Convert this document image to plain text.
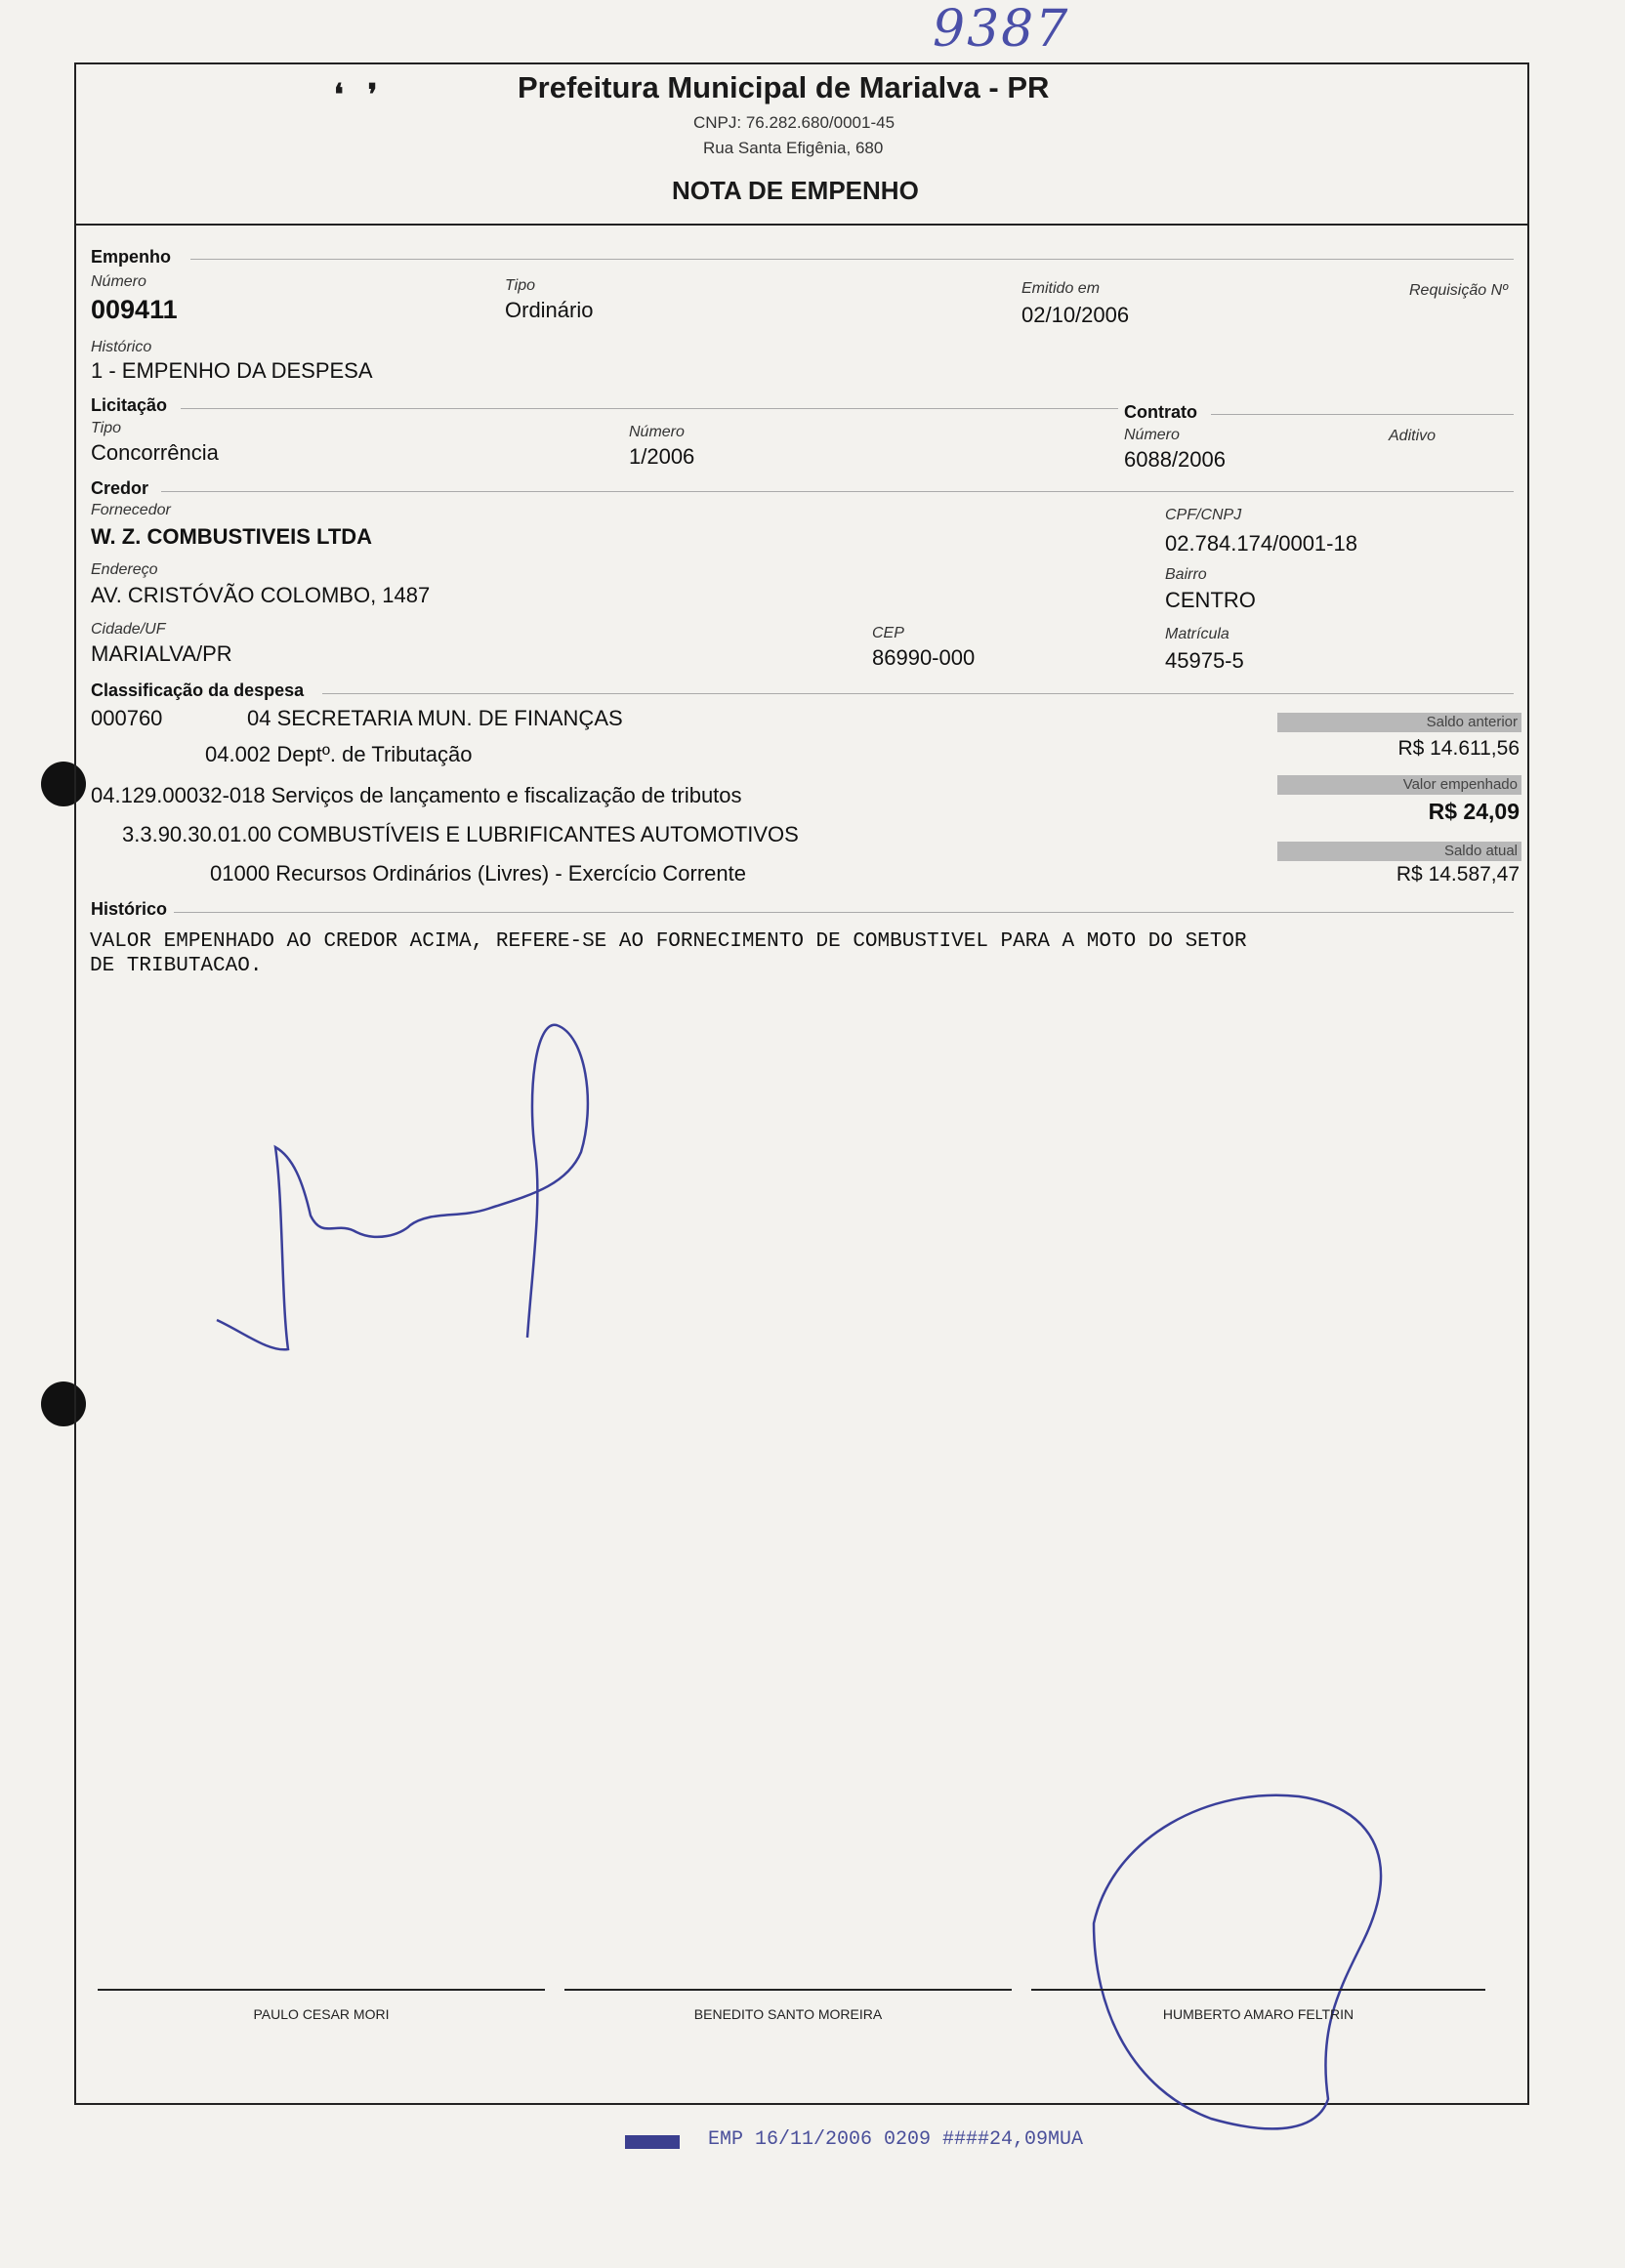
9387
❛   ❜	Prefeitura Municipal de Marialva - PR
CNPJ: 76.282.680/0001-45
Rua Santa Efigênia, 680
NOTA DE EMPENHO
Empenho
Número
009411
Tipo
Ordinário
Emitido em
02/10/2006
Requisição Nº
Histórico
1 - EMPENHO DA DESPESA
Licitação	Contrato
Tipo
Concorrência
Número
1/2006
Número
6088/2006
Aditivo
Credor
Fornecedor
W. Z. COMBUSTIVEIS LTDA
CPF/CNPJ
02.784.174/0001-18
Endereço
AV. CRISTÓVÃO COLOMBO, 1487
Bairro
CENTRO
Cidade/UF
MARIALVA/PR
CEP
86990-000
Matrícula
45975-5
Classificação da despesa
000760	04 SECRETARIA MUN. DE FINANÇAS
04.002 Deptº. de Tributação
04.129.00032-018 Serviços de lançamento e fiscalização de tributos
3.3.90.30.01.00 COMBUSTÍVEIS E LUBRIFICANTES AUTOMOTIVOS
01000 Recursos Ordinários (Livres) - Exercício Corrente
Saldo anterior
R$ 14.611,56
Valor empenhado
R$ 24,09
Saldo atual
R$ 14.587,47
Histórico
VALOR EMPENHADO AO CREDOR ACIMA, REFERE-SE AO FORNECIMENTO DE COMBUSTIVEL PARA A MOTO DO SETOR
DE TRIBUTACAO.
PAULO CESAR MORI	BENEDITO SANTO MOREIRA	HUMBERTO AMARO FELTRIN
EMP 16/11/2006 0209 ####24,09MUA
